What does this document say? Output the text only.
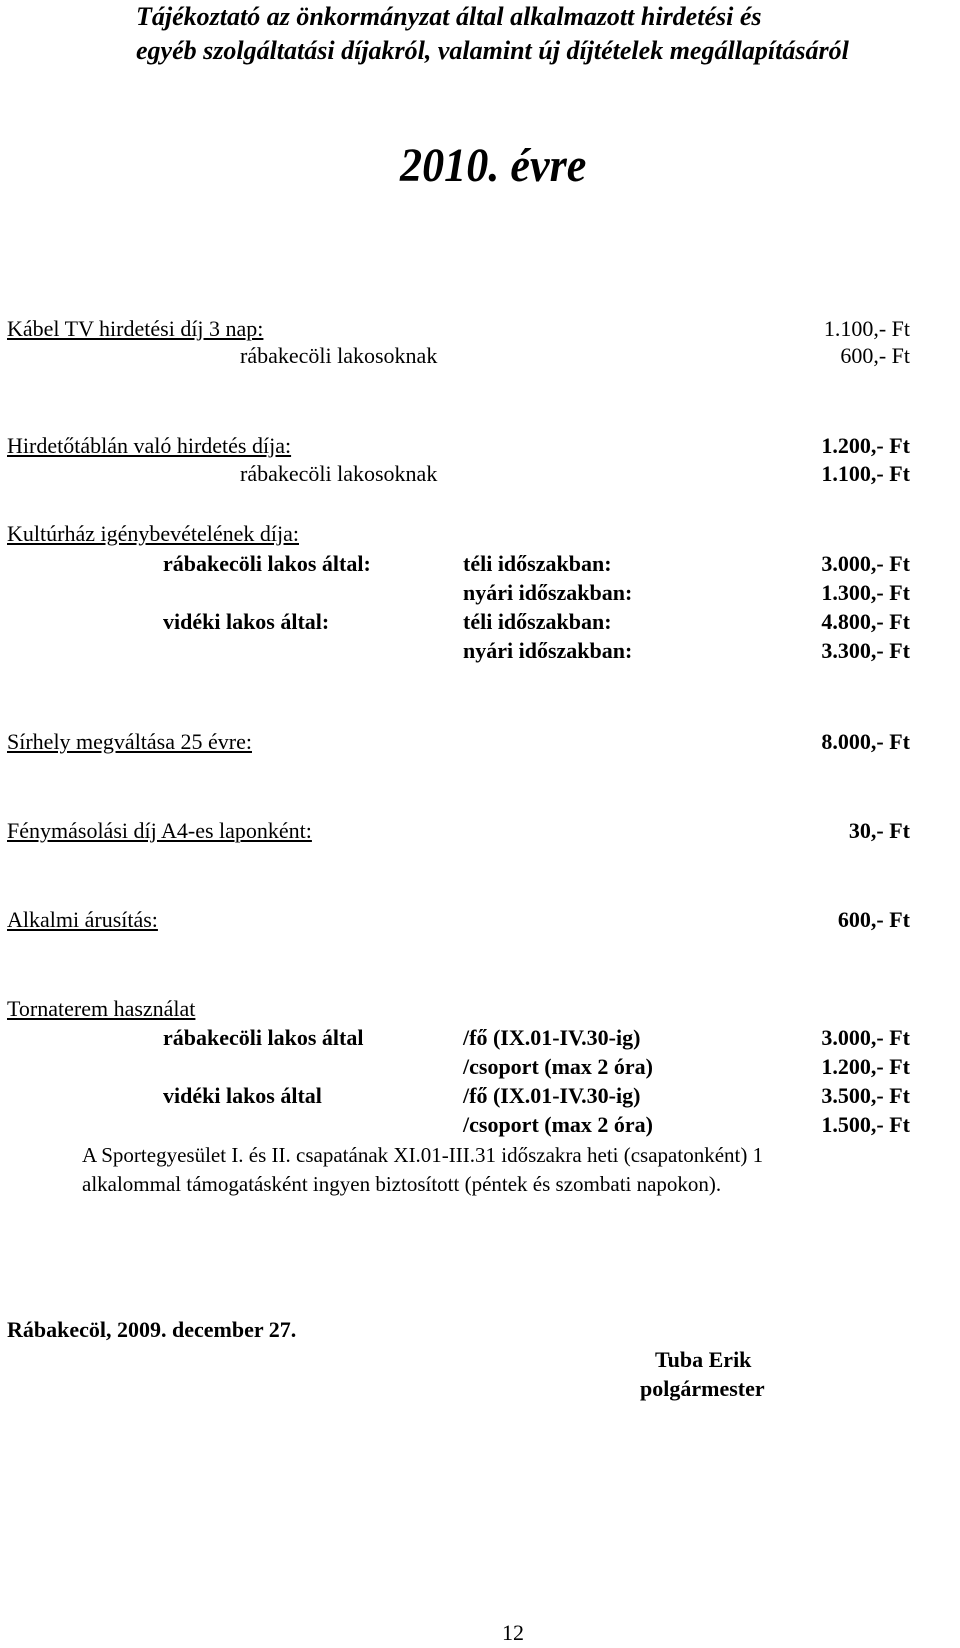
Tájékoztató az önkormányzat által alkalmazott hirdetési és
egyéb szolgáltatási díjakról, valamint új díjtételek megállapításáról
2010. évre
Kábel TV hirdetési díj 3 nap:	1.100,- Ft
rábakecöli lakosoknak	600,- Ft
Hirdetőtáblán való hirdetés díja:	1.200,- Ft
rábakecöli lakosoknak	1.100,- Ft
Kultúrház igénybevételének díja:
rábakecöli lakos által:	téli időszakban:	3.000,- Ft
nyári időszakban:	1.300,- Ft
vidéki lakos által:	téli időszakban:	4.800,- Ft
nyári időszakban:	3.300,- Ft
Sírhely megváltása 25 évre:	8.000,- Ft
Fénymásolási díj A4-es laponként:	30,- Ft
Alkalmi árusítás:	600,- Ft
Tornaterem használat
rábakecöli lakos által	/fő (IX.01-IV.30-ig)	3.000,- Ft
/csoport (max 2 óra)	1.200,- Ft
vidéki lakos által	/fő (IX.01-IV.30-ig)	3.500,- Ft
/csoport (max 2 óra)	1.500,- Ft
A Sportegyesület I. és II. csapatának XI.01-III.31 időszakra heti (csapatonként) 1
alkalommal támogatásként ingyen biztosított (péntek és szombati napokon).
Rábakecöl, 2009. december 27.
Tuba Erik
polgármester
12
